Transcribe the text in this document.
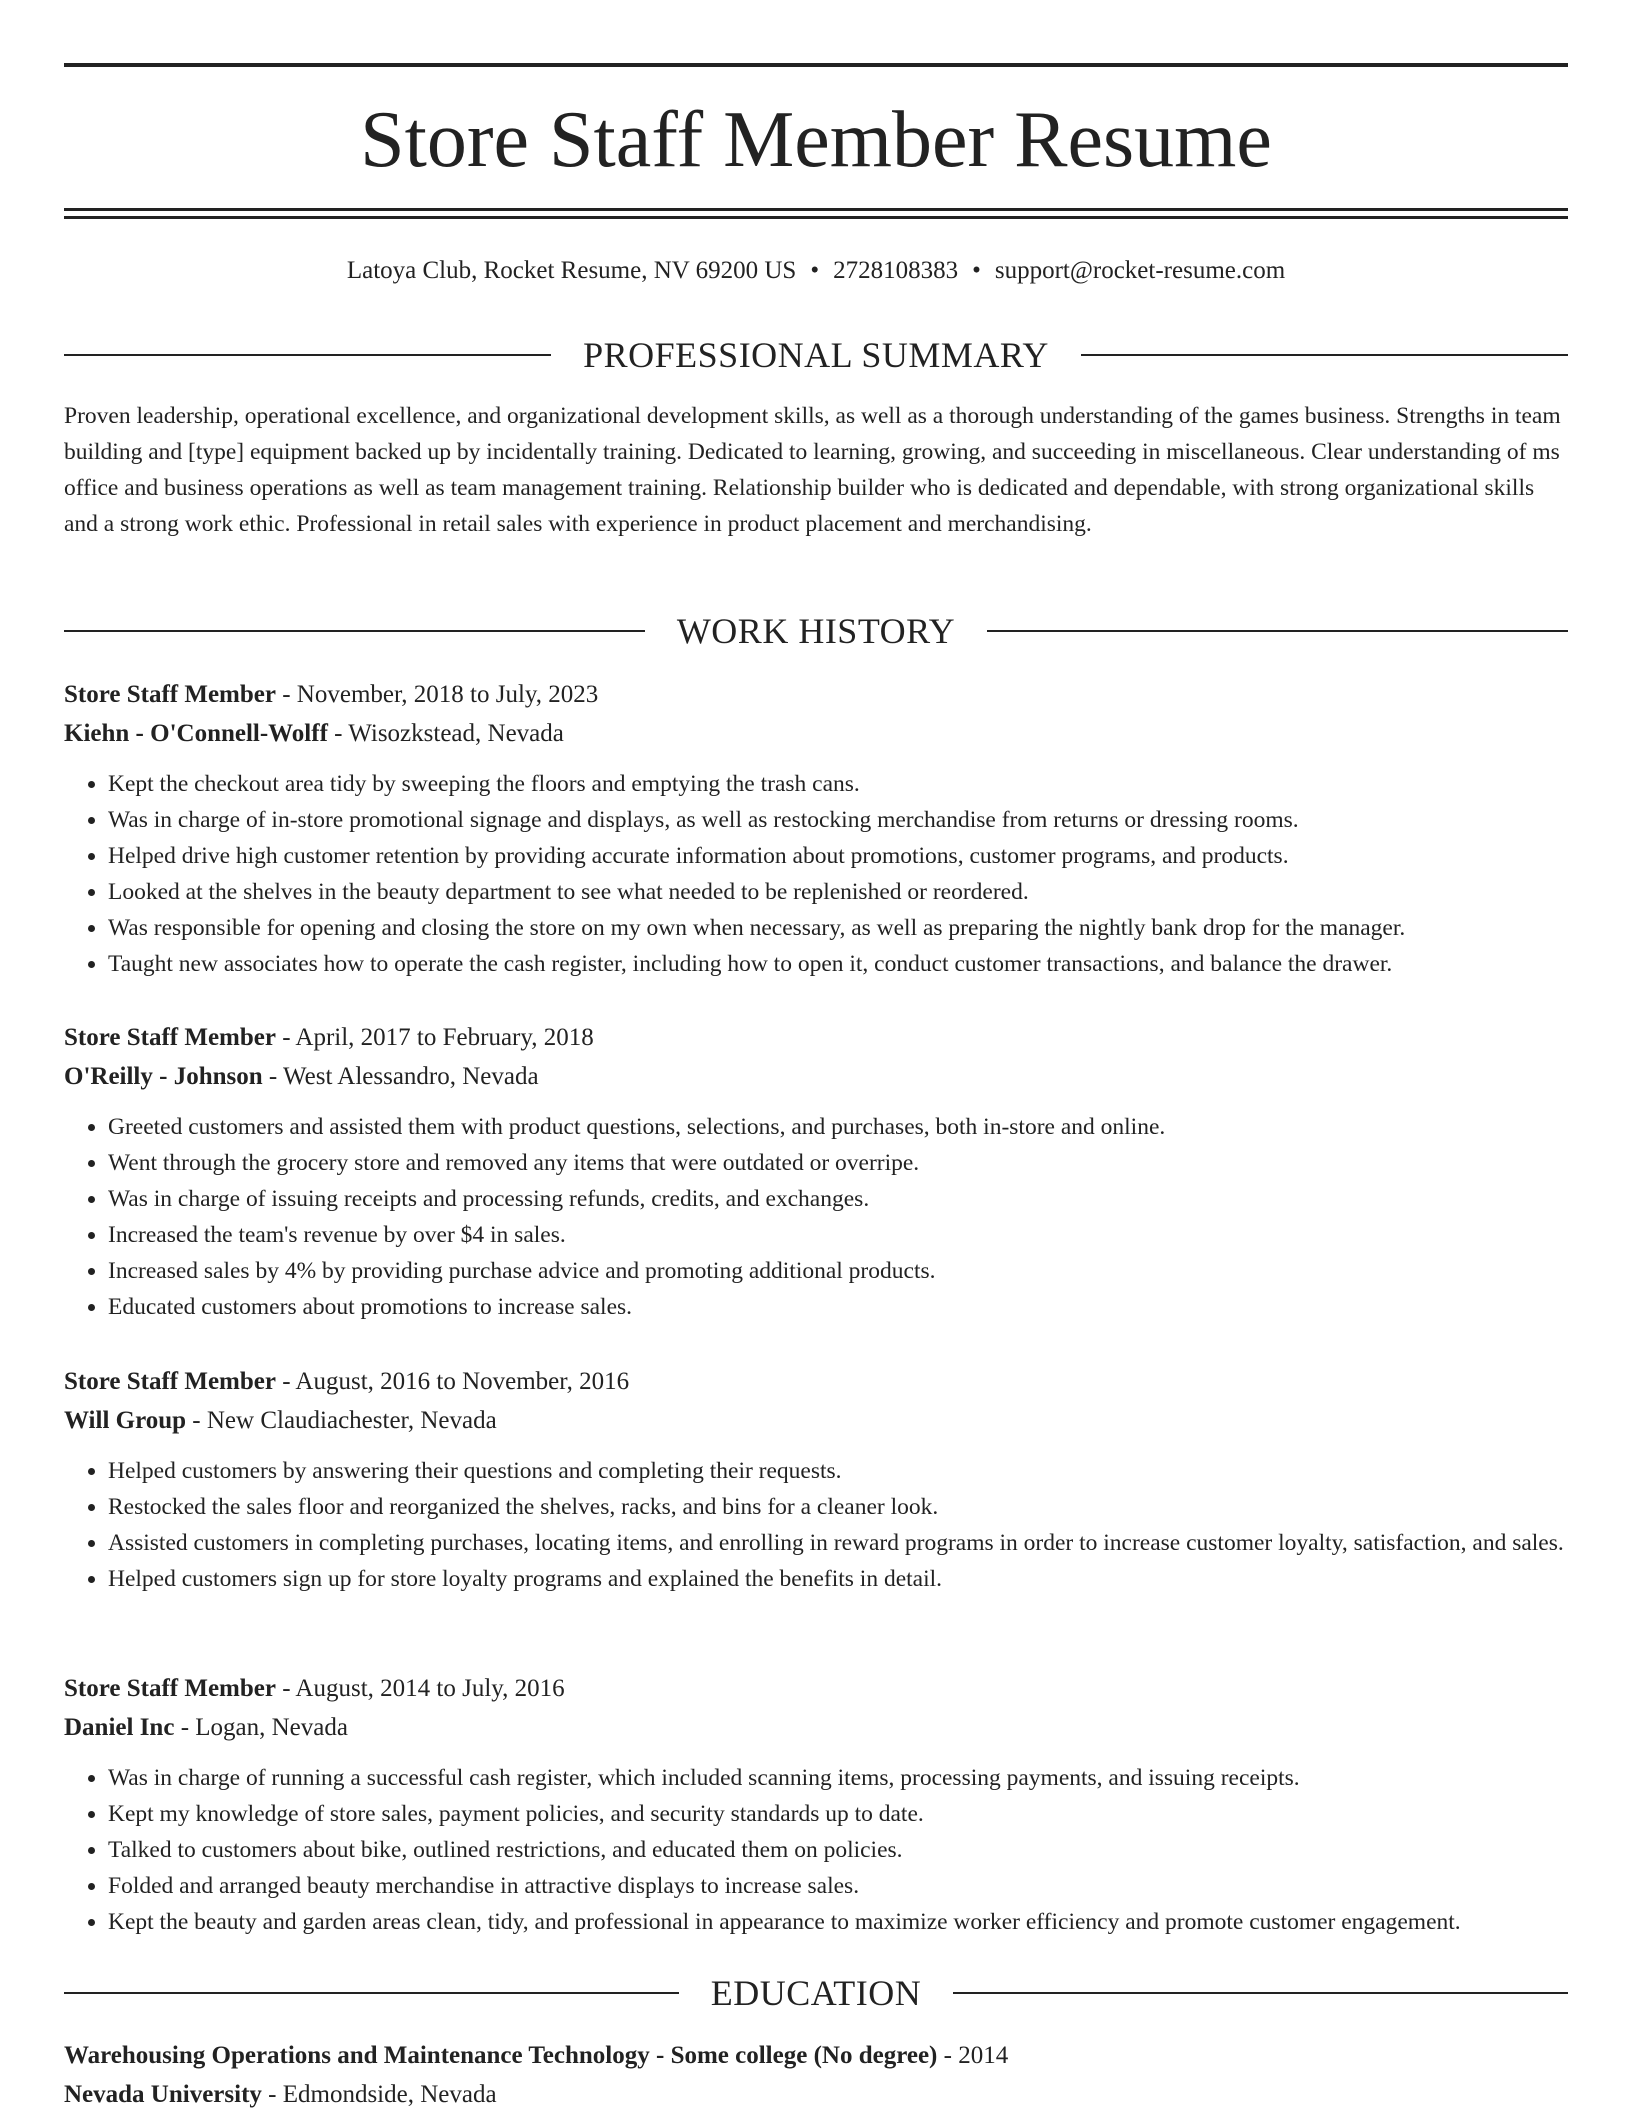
Store Staff Member Resume
Latoya Club, Rocket Resume, NV 69200 US • 2728108383 • support@rocket-resume.com
PROFESSIONAL SUMMARY

Proven leadership, operational excellence, and organizational development skills, as well as a thorough understanding of the games business. Strengths in team building and [type] equipment backed up by incidentally training. Dedicated to learning, growing, and succeeding in miscellaneous. Clear understanding of ms office and business operations as well as team management training. Relationship builder who is dedicated and dependable, with strong organizational skills and a strong work ethic. Professional in retail sales with experience in product placement and merchandising.

WORK HISTORY
Store Staff Member - November, 2018 to July, 2023
Kiehn - O'Connell-Wolff - Wisozkstead, Nevada
• Kept the checkout area tidy by sweeping the floors and emptying the trash cans.
• Was in charge of in-store promotional signage and displays, as well as restocking merchandise from returns or dressing rooms.
• Helped drive high customer retention by providing accurate information about promotions, customer programs, and products.
• Looked at the shelves in the beauty department to see what needed to be replenished or reordered.
• Was responsible for opening and closing the store on my own when necessary, as well as preparing the nightly bank drop for the manager.
• Taught new associates how to operate the cash register, including how to open it, conduct customer transactions, and balance the drawer.
Store Staff Member - April, 2017 to February, 2018
O'Reilly - Johnson - West Alessandro, Nevada
• Greeted customers and assisted them with product questions, selections, and purchases, both in-store and online.
• Went through the grocery store and removed any items that were outdated or overripe.
• Was in charge of issuing receipts and processing refunds, credits, and exchanges.
• Increased the team's revenue by over $4 in sales.
• Increased sales by 4% by providing purchase advice and promoting additional products.
• Educated customers about promotions to increase sales.
Store Staff Member - August, 2016 to November, 2016
Will Group - New Claudiachester, Nevada
• Helped customers by answering their questions and completing their requests.
• Restocked the sales floor and reorganized the shelves, racks, and bins for a cleaner look.
• Assisted customers in completing purchases, locating items, and enrolling in reward programs in order to increase customer loyalty, satisfaction, and sales.
• Helped customers sign up for store loyalty programs and explained the benefits in detail.
Store Staff Member - August, 2014 to July, 2016
Daniel Inc - Logan, Nevada
• Was in charge of running a successful cash register, which included scanning items, processing payments, and issuing receipts.
• Kept my knowledge of store sales, payment policies, and security standards up to date.
• Talked to customers about bike, outlined restrictions, and educated them on policies.
• Folded and arranged beauty merchandise in attractive displays to increase sales.
• Kept the beauty and garden areas clean, tidy, and professional in appearance to maximize worker efficiency and promote customer engagement.
EDUCATION
Warehousing Operations and Maintenance Technology - Some college (No degree) - 2014
Nevada University - Edmondside, Nevada
